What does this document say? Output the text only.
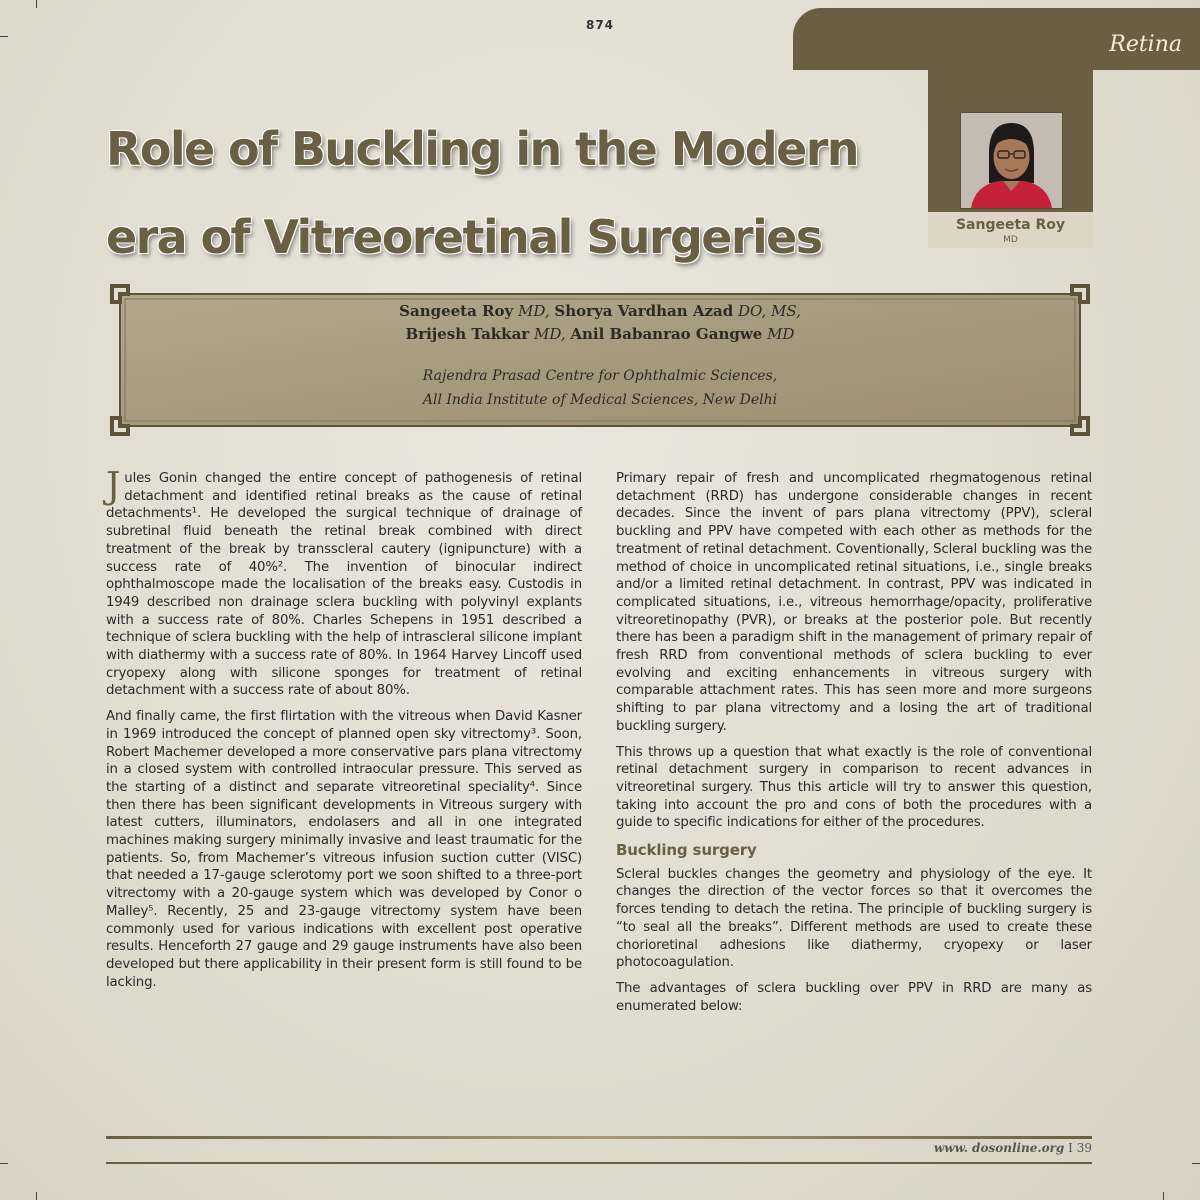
874
Retina
Sangeeta Roy
MD
Role of Buckling in the Modern
era of Vitreoretinal Surgeries
Sangeeta Roy MD, Shorya Vardhan Azad DO, MS,
Brijesh Takkar MD, Anil Babanrao Gangwe MD
Rajendra Prasad Centre for Ophthalmic Sciences,
All India Institute of Medical Sciences, New Delhi

Jules Gonin changed the entire concept of pathogenesis of retinal detachment and identified retinal breaks as the cause of retinal detachments¹. He developed the surgical technique of drainage of subretinal fluid beneath the retinal break combined with direct treatment of the break by transscleral cautery (ignipuncture) with a success rate of 40%². The invention of binocular indirect ophthalmoscope made the localisation of the breaks easy. Custodis in 1949 described non drainage sclera buckling with polyvinyl explants with a success rate of 80%. Charles Schepens in 1951 described a technique of sclera buckling with the help of intrascleral silicone implant with diathermy with a success rate of 80%. In 1964 Harvey Lincoff used cryopexy along with silicone sponges for treatment of retinal detachment with a success rate of about 80%.

And finally came, the first flirtation with the vitreous when David Kasner in 1969 introduced the concept of planned open sky vitrectomy³. Soon, Robert Machemer developed a more conservative pars plana vitrectomy in a closed system with controlled intraocular pressure. This served as the starting of a distinct and separate vitreoretinal speciality⁴. Since then there has been significant developments in Vitreous surgery with latest cutters, illuminators, endolasers and all in one integrated machines making surgery minimally invasive and least traumatic for the patients. So, from Machemer’s vitreous infusion suction cutter (VISC) that needed a 17-gauge sclerotomy port we soon shifted to a three-port vitrectomy with a 20-gauge system which was developed by Conor o Malley⁵. Recently, 25 and 23-gauge vitrectomy system have been commonly used for various indications with excellent post operative results. Henceforth 27 gauge and 29 gauge instruments have also been developed but there applicability in their present form is still found to be lacking.

Primary repair of fresh and uncomplicated rhegmatogenous retinal detachment (RRD) has undergone considerable changes in recent decades. Since the invent of pars plana vitrectomy (PPV), scleral buckling and PPV have competed with each other as methods for the treatment of retinal detachment. Coventionally, Scleral buckling was the method of choice in uncomplicated retinal situations, i.e., single breaks and/or a limited retinal detachment. In contrast, PPV was indicated in complicated situations, i.e., vitreous hemorrhage/opacity, proliferative vitreoretinopathy (PVR), or breaks at the posterior pole. But recently there has been a paradigm shift in the management of primary repair of fresh RRD from conventional methods of sclera buckling to ever evolving and exciting enhancements in vitreous surgery with comparable attachment rates. This has seen more and more surgeons shifting to par plana vitrectomy and a losing the art of traditional buckling surgery.

This throws up a question that what exactly is the role of conventional retinal detachment surgery in comparison to recent advances in vitreoretinal surgery. Thus this article will try to answer this question, taking into account the pro and cons of both the procedures with a guide to specific indications for either of the procedures.

Buckling surgery

Scleral buckles changes the geometry and physiology of the eye. It changes the direction of the vector forces so that it overcomes the forces tending to detach the retina. The principle of buckling surgery is “to seal all the breaks”. Different methods are used to create these chorioretinal adhesions like diathermy, cryopexy or laser photocoagulation.

The advantages of sclera buckling over PPV in RRD are many as enumerated below:

www. dosonline.org I 39
